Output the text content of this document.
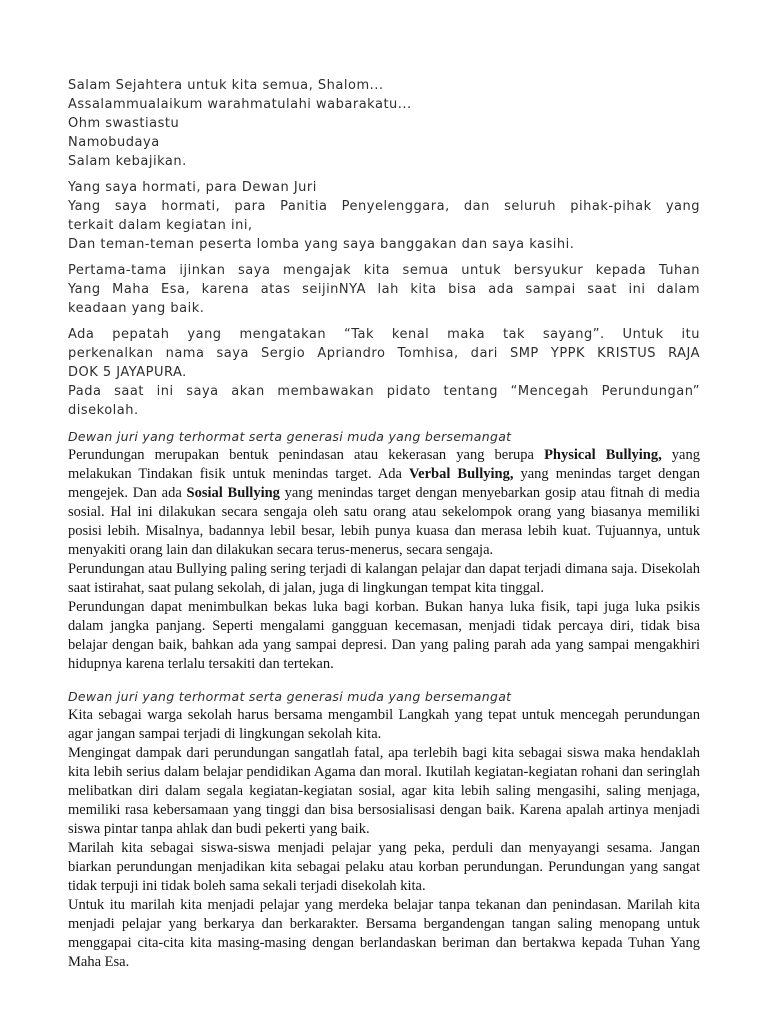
Salam Sejahtera untuk kita semua, Shalom...
Assalammualaikum warahmatulahi wabarakatu...
Ohm swastiastu
Namobudaya
Salam kebajikan.
Yang saya hormati, para Dewan Juri
Yang saya hormati, para Panitia Penyelenggara, dan seluruh pihak-pihak yang
terkait dalam kegiatan ini,
Dan teman-teman peserta lomba yang saya banggakan dan saya kasihi.
Pertama-tama ijinkan saya mengajak kita semua untuk bersyukur kepada Tuhan
Yang Maha Esa, karena atas seijinNYA lah kita bisa ada sampai saat ini dalam
keadaan yang baik.
Ada pepatah yang mengatakan “Tak kenal maka tak sayang”. Untuk itu
perkenalkan nama saya Sergio Apriandro Tomhisa, dari SMP YPPK KRISTUS RAJA
DOK 5 JAYAPURA.
Pada saat ini saya akan membawakan pidato tentang “Mencegah Perundungan”
disekolah.
Dewan juri yang terhormat serta generasi muda yang bersemangat

Perundungan merupakan bentuk penindasan atau kekerasan yang berupa Physical Bullying, yang melakukan Tindakan fisik untuk menindas target. Ada Verbal Bullying, yang menindas target dengan mengejek. Dan ada Sosial Bullying yang menindas target dengan menyebarkan gosip atau fitnah di media sosial. Hal ini dilakukan secara sengaja oleh satu orang atau sekelompok orang yang biasanya memiliki posisi lebih. Misalnya, badannya lebil besar, lebih punya kuasa dan merasa lebih kuat. Tujuannya, untuk menyakiti orang lain dan dilakukan secara terus-menerus, secara sengaja.

Perundungan atau Bullying paling sering terjadi di kalangan pelajar dan dapat terjadi dimana saja. Disekolah saat istirahat, saat pulang sekolah, di jalan, juga di lingkungan tempat kita tinggal.

Perundungan dapat menimbulkan bekas luka bagi korban. Bukan hanya luka fisik, tapi juga luka psikis dalam jangka panjang. Seperti mengalami gangguan kecemasan, menjadi tidak percaya diri, tidak bisa belajar dengan baik, bahkan ada yang sampai depresi. Dan yang paling parah ada yang sampai mengakhiri hidupnya karena terlalu tersakiti dan tertekan.

Dewan juri yang terhormat serta generasi muda yang bersemangat

Kita sebagai warga sekolah harus bersama mengambil Langkah yang tepat untuk mencegah perundungan agar jangan sampai terjadi di lingkungan sekolah kita.

Mengingat dampak dari perundungan sangatlah fatal, apa terlebih bagi kita sebagai siswa maka hendaklah kita lebih serius dalam belajar pendidikan Agama dan moral. Ikutilah kegiatan-kegiatan rohani dan seringlah melibatkan diri dalam segala kegiatan-kegiatan sosial, agar kita lebih saling mengasihi, saling menjaga, memiliki rasa kebersamaan yang tinggi dan bisa bersosialisasi dengan baik. Karena apalah artinya menjadi siswa pintar tanpa ahlak dan budi pekerti yang baik.

Marilah kita sebagai siswa-siswa menjadi pelajar yang peka, perduli dan menyayangi sesama. Jangan biarkan perundungan menjadikan kita sebagai pelaku atau korban perundungan. Perundungan yang sangat tidak terpuji ini tidak boleh sama sekali terjadi disekolah kita.

Untuk itu marilah kita menjadi pelajar yang merdeka belajar tanpa tekanan dan penindasan. Marilah kita menjadi pelajar yang berkarya dan berkarakter. Bersama bergandengan tangan saling menopang untuk menggapai cita-cita kita masing-masing dengan berlandaskan beriman dan bertakwa kepada Tuhan Yang Maha Esa.
